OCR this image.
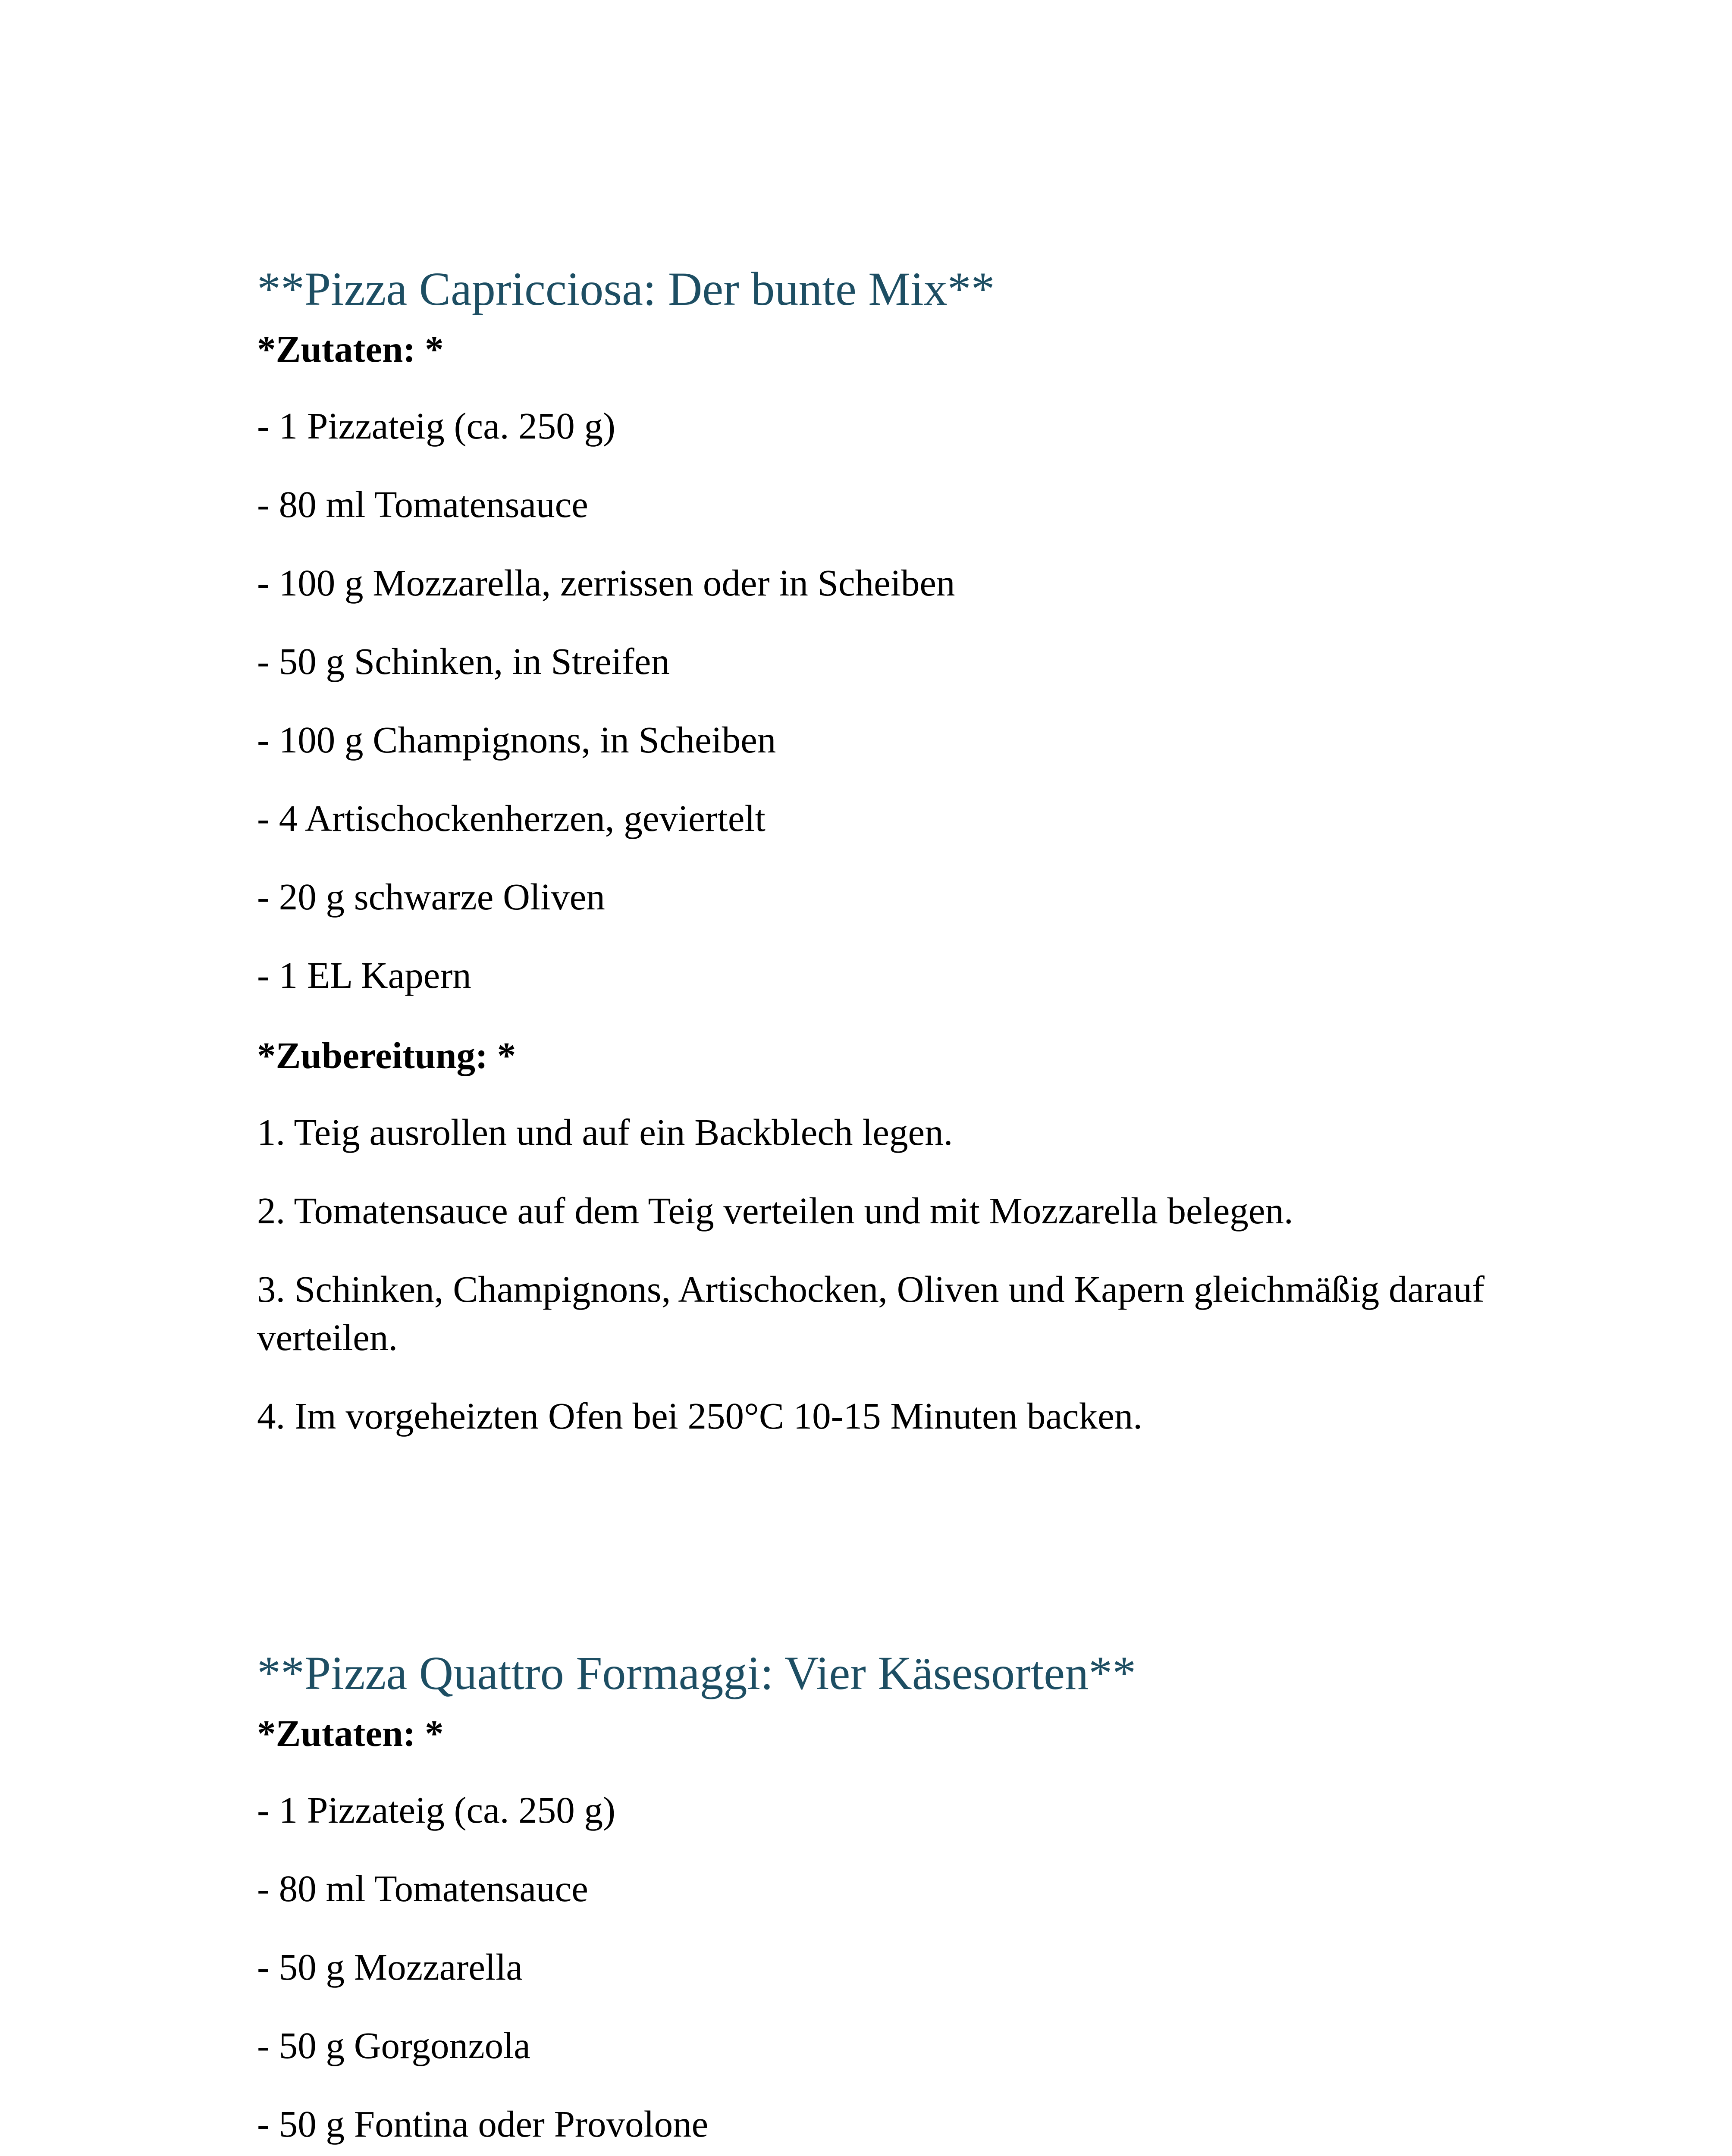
**Pizza Capricciosa: Der bunte Mix**

*Zutaten: *

- 1 Pizzateig (ca. 250 g)

- 80 ml Tomatensauce

- 100 g Mozzarella, zerrissen oder in Scheiben

- 50 g Schinken, in Streifen

- 100 g Champignons, in Scheiben

- 4 Artischockenherzen, geviertelt

- 20 g schwarze Oliven

- 1 EL Kapern

*Zubereitung: *

1. Teig ausrollen und auf ein Backblech legen.

2. Tomatensauce auf dem Teig verteilen und mit Mozzarella belegen.

3. Schinken, Champignons, Artischocken, Oliven und Kapern gleichmäßig darauf verteilen.

4. Im vorgeheizten Ofen bei 250°C 10-15 Minuten backen.

**Pizza Quattro Formaggi: Vier Käsesorten**

*Zutaten: *

- 1 Pizzateig (ca. 250 g)

- 80 ml Tomatensauce

- 50 g Mozzarella

- 50 g Gorgonzola

- 50 g Fontina oder Provolone
